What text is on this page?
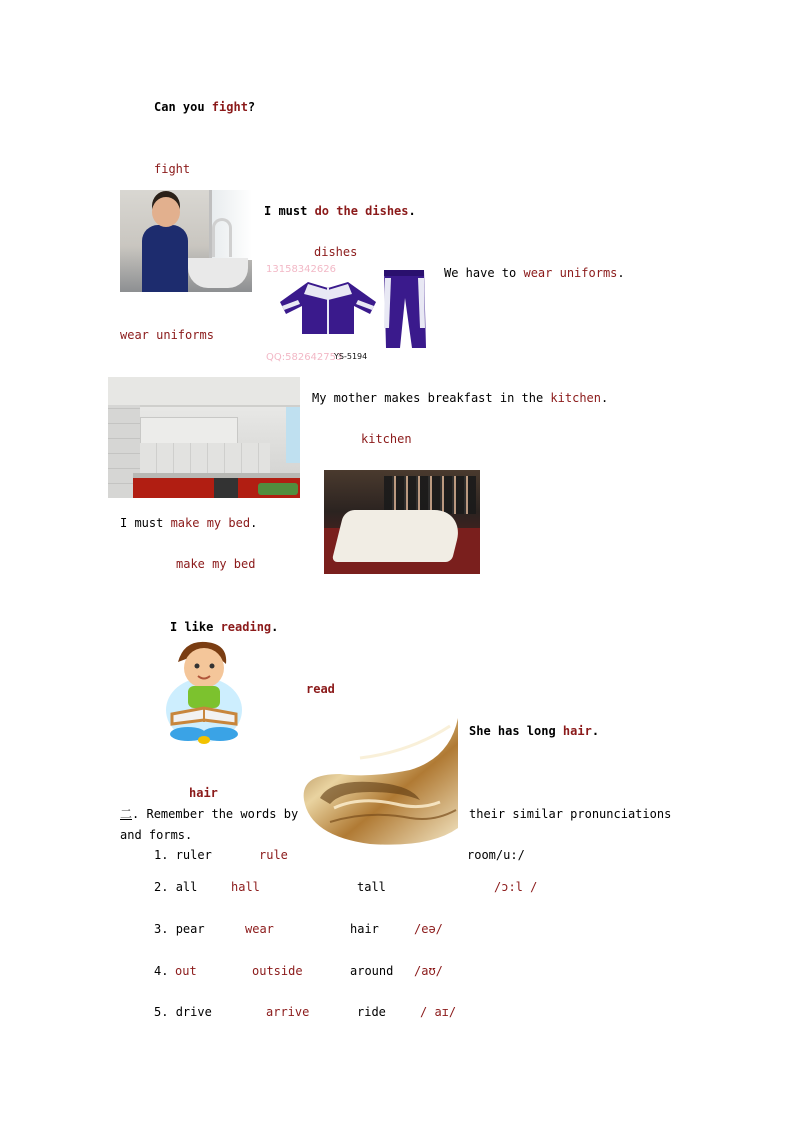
Can you fight?
fight
I must do the dishes.
dishes
13158342626
QQ:582642753
YS-5194
We have to wear uniforms.
wear uniforms
My mother makes breakfast in the kitchen.
kitchen
I must make my bed.
make my bed
I like reading.
read
She has long hair.
hair
二. Remember the words by	their similar pronunciations
and forms.
1. ruler	rule	room/u:/
2. all	hall	tall	/ɔ:l /
3. pear	wear	hair	/eə/
4. out	outside	around /aʊ/
5. drive	arrive	ride	/ aɪ/
